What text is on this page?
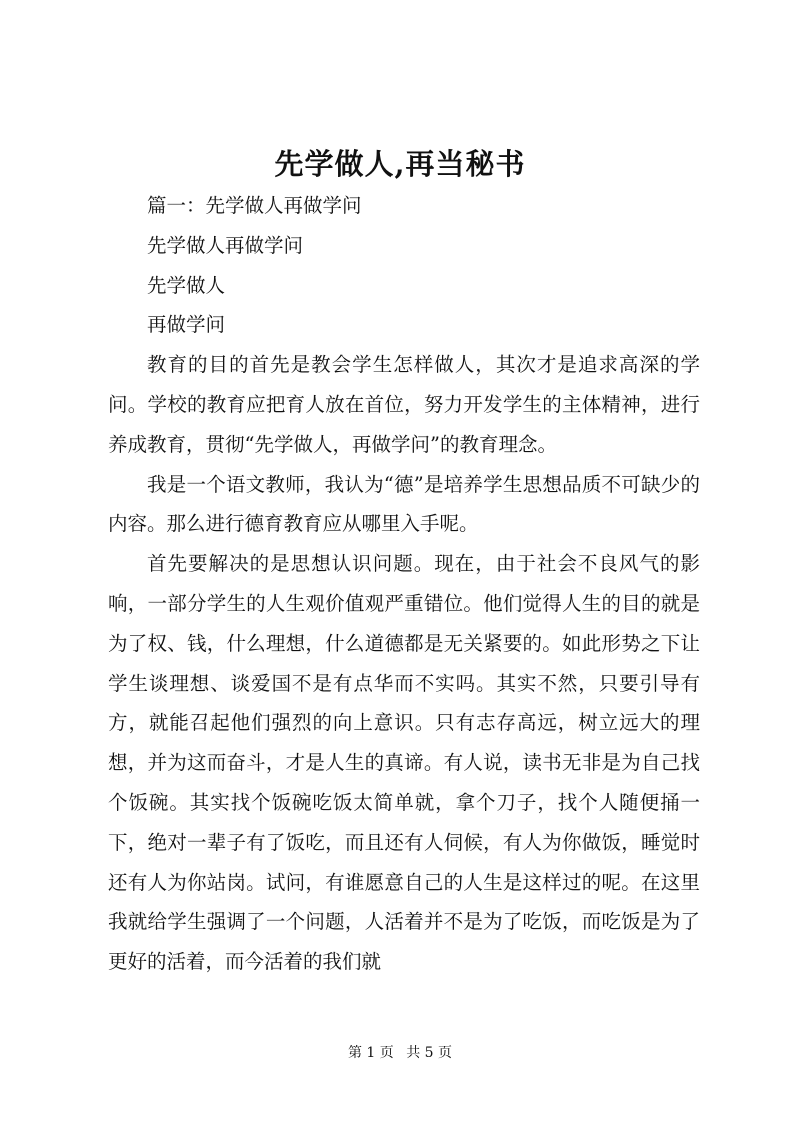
先学做人,再当秘书

篇一：先学做人再做学问

先学做人再做学问

先学做人

再做学问

教育的目的首先是教会学生怎样做人，其次才是追求高深的学问。学校的教育应把育人放在首位，努力开发学生的主体精神，进行养成教育，贯彻“先学做人，再做学问”的教育理念。

我是一个语文教师，我认为“德”是培养学生思想品质不可缺少的内容。那么进行德育教育应从哪里入手呢。

首先要解决的是思想认识问题。现在，由于社会不良风气的影响，一部分学生的人生观价值观严重错位。他们觉得人生的目的就是为了权、钱，什么理想，什么道德都是无关紧要的。如此形势之下让学生谈理想、谈爱国不是有点华而不实吗。其实不然，只要引导有方，就能召起他们强烈的向上意识。只有志存高远，树立远大的理想，并为这而奋斗，才是人生的真谛。有人说，读书无非是为自己找个饭碗。其实找个饭碗吃饭太简单就，拿个刀子，找个人随便捅一下，绝对一辈子有了饭吃，而且还有人伺候，有人为你做饭，睡觉时还有人为你站岗。试问，有谁愿意自己的人生是这样过的呢。在这里我就给学生强调了一个问题，人活着并不是为了吃饭，而吃饭是为了更好的活着，而今活着的我们就

第 1 页 共 5 页
